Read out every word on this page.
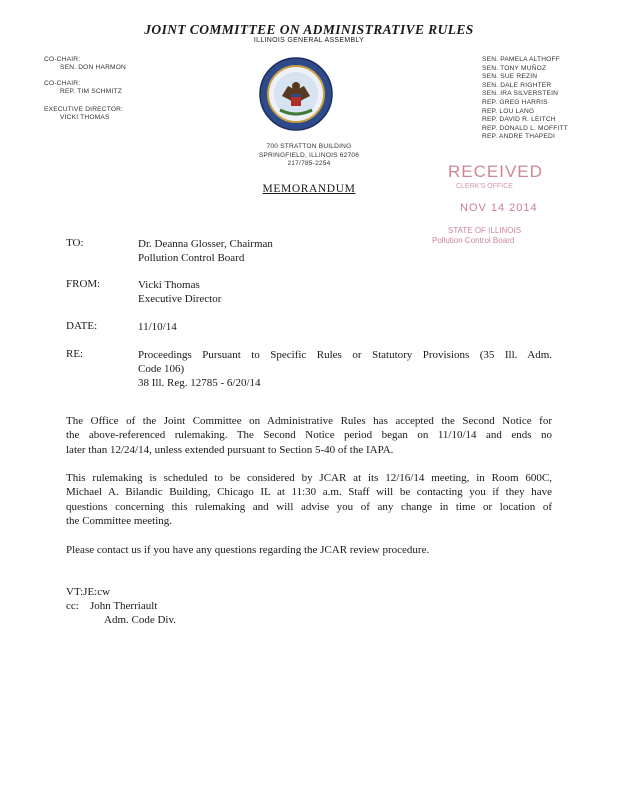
JOINT COMMITTEE ON ADMINISTRATIVE RULES
ILLINOIS GENERAL ASSEMBLY
CO-CHAIR:
SEN. DON HARMON
CO-CHAIR:
REP. TIM SCHMITZ
EXECUTIVE DIRECTOR:
VICKI THOMAS
SEN. PAMELA ALTHOFF
SEN. TONY MUÑOZ
SEN. SUE REZIN
SEN. DALE RIGHTER
SEN. IRA SILVERSTEIN
REP. GREG HARRIS
REP. LOU LANG
REP. DAVID R. LEITCH
REP. DONALD L. MOFFITT
REP. ANDRE THAPEDI
700 STRATTON BUILDING
SPRINGFIELD, ILLINOIS 62706
217/785-2254	RECEIVED
CLERK'S OFFICE
NOV 14 2014
STATE OF ILLINOIS
Pollution Control Board
MEMORANDUM
TO:	Dr. Deanna Glosser, Chairman
Pollution Control Board
FROM:	Vicki Thomas
Executive Director
DATE:	11/10/14
RE:	Proceedings Pursuant to Specific Rules or Statutory Provisions (35 Ill. Adm.
Code 106)
38 Ill. Reg. 12785 - 6/20/14
The Office of the Joint Committee on Administrative Rules has accepted the Second Notice for
the above-referenced rulemaking. The Second Notice period began on 11/10/14 and ends no
later than 12/24/14, unless extended pursuant to Section 5-40 of the IAPA.
This rulemaking is scheduled to be considered by JCAR at its 12/16/14 meeting, in Room 600C,
Michael A. Bilandic Building, Chicago IL at 11:30 a.m. Staff will be contacting you if they have
questions concerning this rulemaking and will advise you of any change in time or location of
the Committee meeting.
Please contact us if you have any questions regarding the JCAR review procedure.
VT:JE:cw
cc: John Therriault
Adm. Code Div.
